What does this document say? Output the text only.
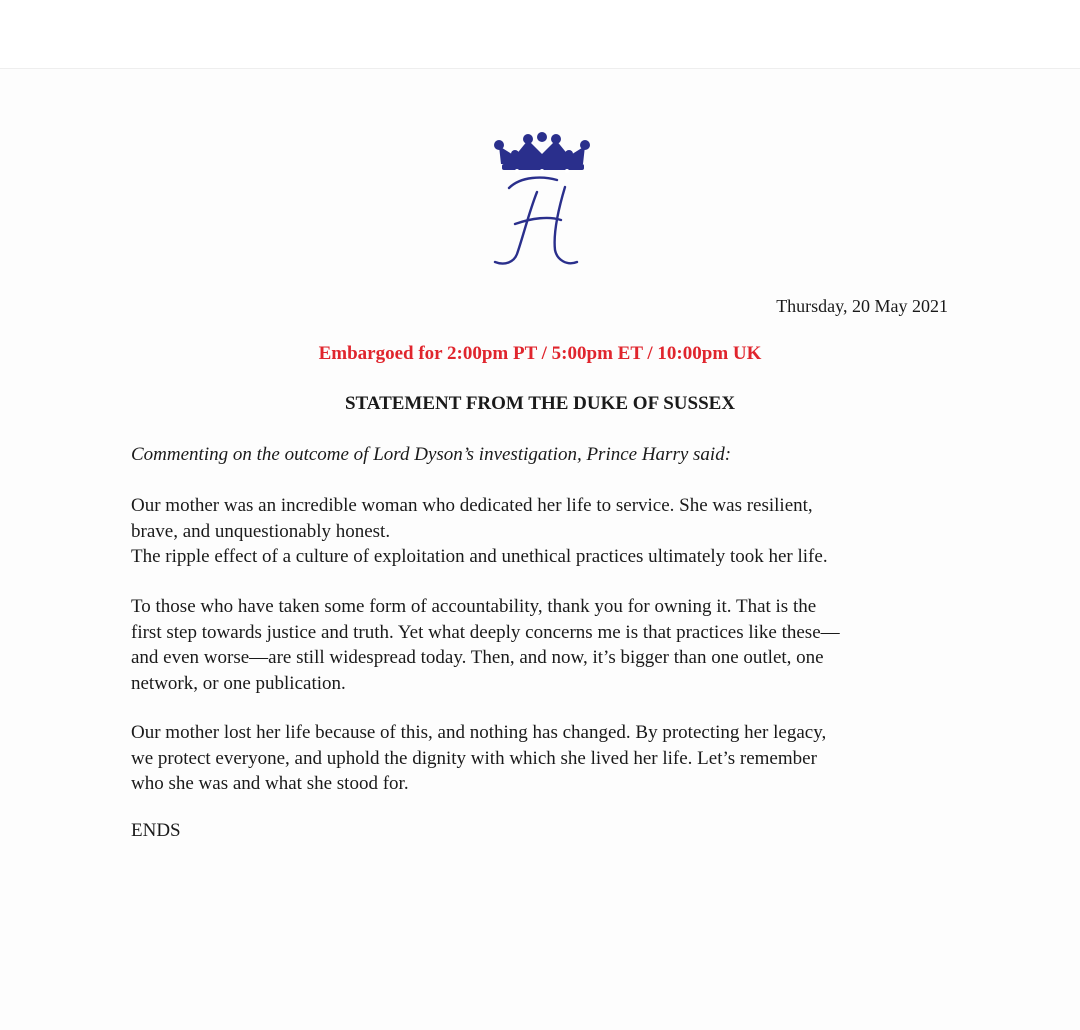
Thursday, 20 May 2021
Embargoed for 2:00pm PT / 5:00pm ET / 10:00pm UK
STATEMENT FROM THE DUKE OF SUSSEX
Commenting on the outcome of Lord Dyson’s investigation, Prince Harry said:
Our mother was an incredible woman who dedicated her life to service. She was resilient,
brave, and unquestionably honest.
The ripple effect of a culture of exploitation and unethical practices ultimately took her life.
To those who have taken some form of accountability, thank you for owning it. That is the
first step towards justice and truth. Yet what deeply concerns me is that practices like these—
and even worse—are still widespread today. Then, and now, it’s bigger than one outlet, one
network, or one publication.
Our mother lost her life because of this, and nothing has changed. By protecting her legacy,
we protect everyone, and uphold the dignity with which she lived her life. Let’s remember
who she was and what she stood for.
ENDS
